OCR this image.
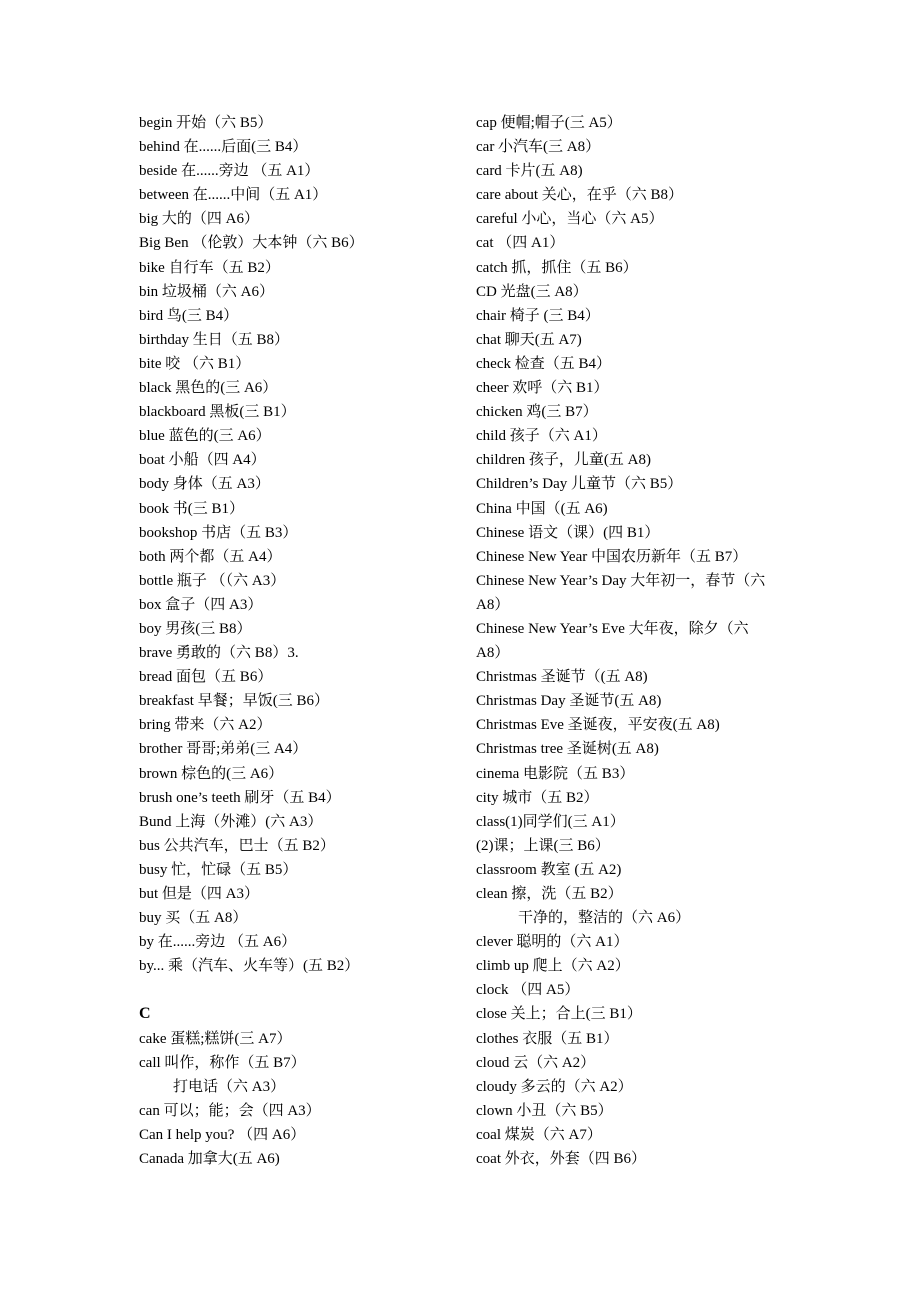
begin 开始（六 B5）
behind 在......后面(三 B4）
beside 在......旁边 （五 A1）
between 在......中间（五 A1）
big 大的（四 A6）
Big Ben （伦敦）大本钟（六 B6）
bike 自行车（五 B2）
bin 垃圾桶（六 A6）
bird 鸟(三 B4）
birthday 生日（五 B8）
bite 咬 （六 B1）
black 黑色的(三 A6）
blackboard 黑板(三 B1）
blue 蓝色的(三 A6）
boat 小船（四 A4）
body 身体（五 A3）
book 书(三 B1）
bookshop 书店（五 B3）
both 两个都（五 A4）
bottle 瓶子 （（六 A3）
box 盒子（四 A3）
boy 男孩(三 B8）
brave 勇敢的（六 B8）3.
bread 面包（五 B6）
breakfast 早餐；早饭(三 B6）
bring 带来（六 A2）
brother 哥哥;弟弟(三 A4）
brown 棕色的(三 A6）
brush one’s teeth 刷牙（五 B4）
Bund 上海（外滩）(六 A3）
bus 公共汽车，巴士（五 B2）
busy 忙，忙碌（五 B5）
but 但是（四 A3）
buy 买（五 A8）
by 在......旁边 （五 A6）
by... 乘（汽车、火车等）(五 B2）
C
cake 蛋糕;糕饼(三 A7）
call 叫作，称作（五 B7）
打电话（六 A3）
can 可以；能；会（四 A3）
Can I help you? （四 A6）
Canada 加拿大(五 A6)
cap 便帽;帽子(三 A5）
car 小汽车(三 A8）
card 卡片(五 A8)
care about 关心，在乎（六 B8）
careful 小心，当心（六 A5）
cat （四 A1）
catch 抓，抓住（五 B6）
CD 光盘(三 A8）
chair 椅子 (三 B4）
chat 聊天(五 A7)
check 检查（五 B4）
cheer 欢呼（六 B1）
chicken 鸡(三 B7）
child 孩子（六 A1）
children 孩子，儿童(五 A8)
Children’s Day 儿童节（六 B5）
China 中国（(五 A6)
Chinese 语文（课）(四 B1）
Chinese New Year 中国农历新年（五 B7）
Chinese New Year’s Day 大年初一，春节（六
A8）
Chinese New Year’s Eve 大年夜，除夕（六
A8）
Christmas 圣诞节（(五 A8)
Christmas Day 圣诞节(五 A8)
Christmas Eve 圣诞夜，平安夜(五 A8)
Christmas tree 圣诞树(五 A8)
cinema 电影院（五 B3）
city 城市（五 B2）
class(1)同学们(三 A1）
(2)课；上课(三 B6）
classroom 教室 (五 A2)
clean 擦，洗（五 B2）
干净的，整洁的（六 A6）
clever 聪明的（六 A1）
climb up 爬上（六 A2）
clock （四 A5）
close 关上；合上(三 B1）
clothes 衣服（五 B1）
cloud 云（六 A2）
cloudy 多云的（六 A2）
clown 小丑（六 B5）
coal 煤炭（六 A7）
coat 外衣，外套（四 B6）
